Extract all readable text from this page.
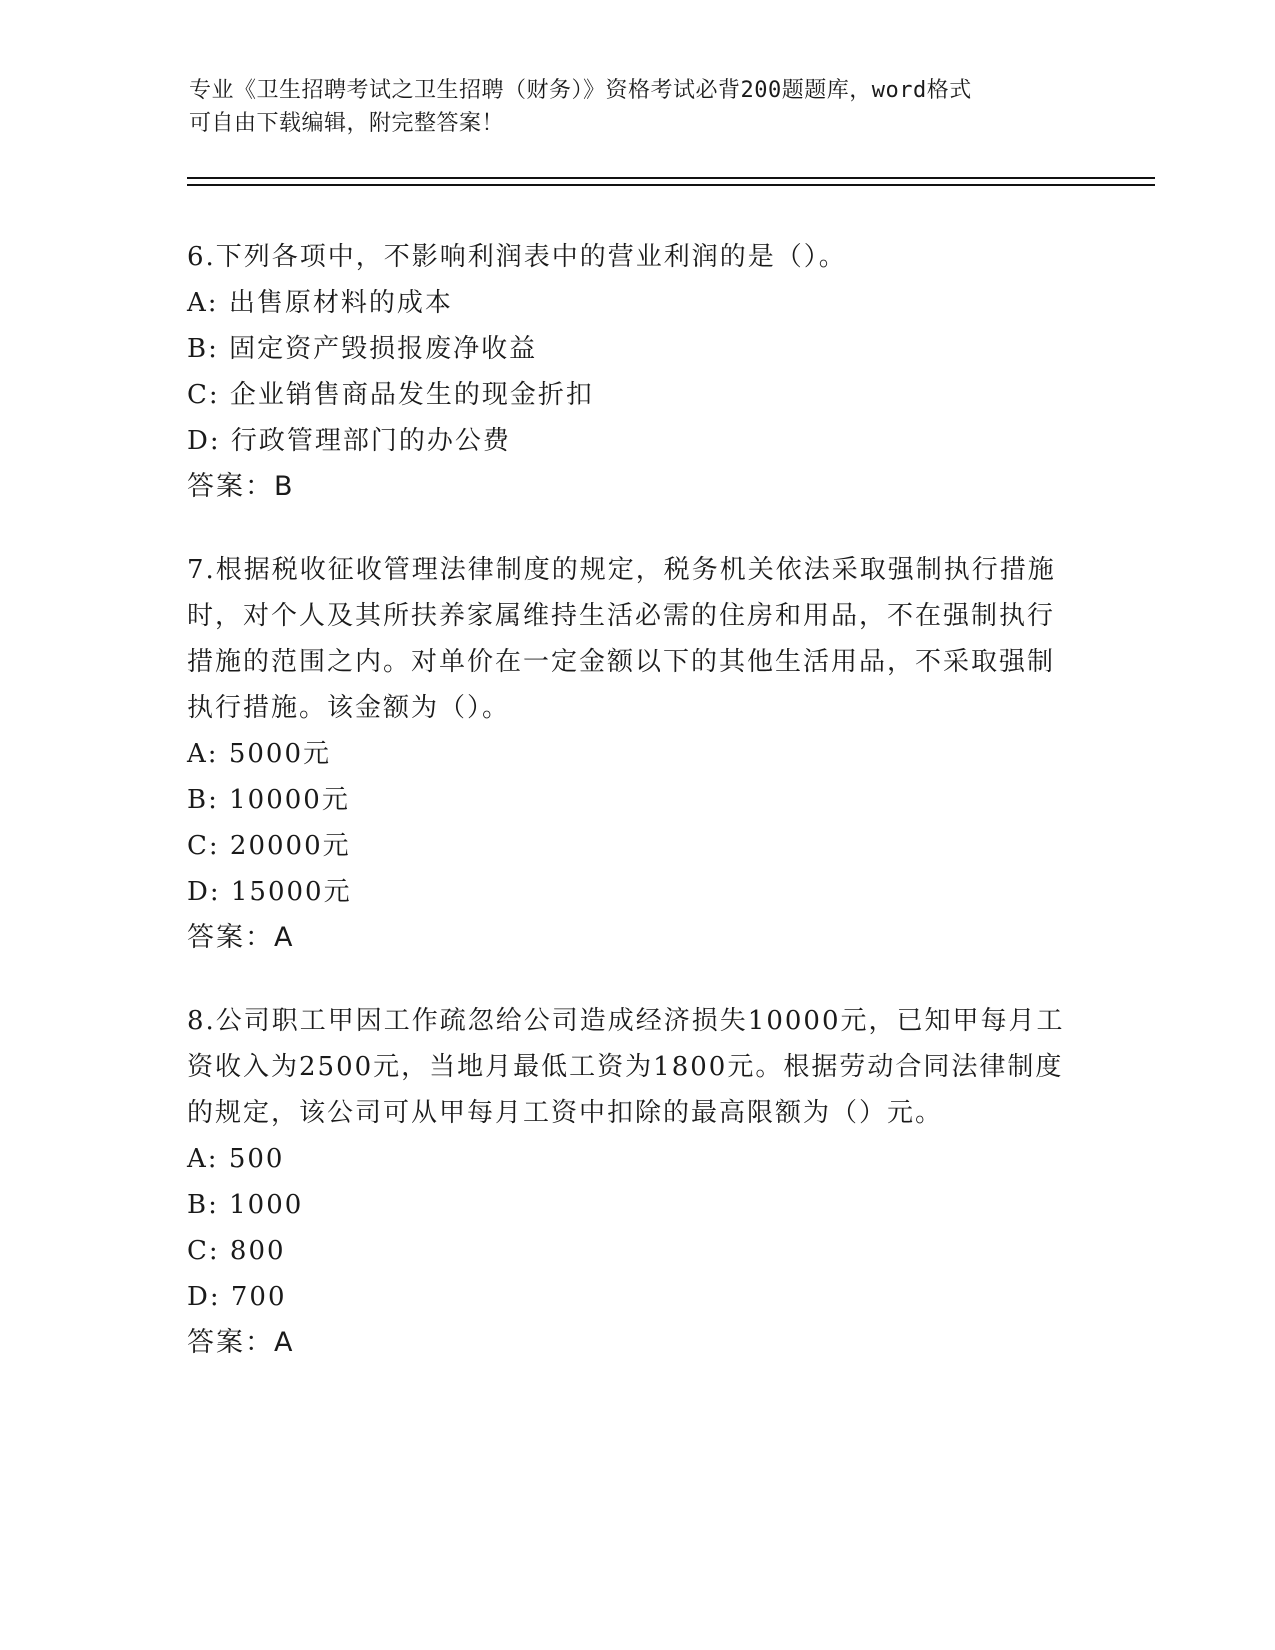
专业《卫生招聘考试之卫生招聘（财务）》资格考试必背200题题库，word格式
可自由下载编辑，附完整答案！

6.下列各项中，不影响利润表中的营业利润的是（）。

A: 出售原材料的成本

B: 固定资产毁损报废净收益

C: 企业销售商品发生的现金折扣

D: 行政管理部门的办公费

答案：B

7.根据税收征收管理法律制度的规定，税务机关依法采取强制执行措施时，对个人及其所扶养家属维持生活必需的住房和用品，不在强制执行措施的范围之内。对单价在一定金额以下的其他生活用品，不采取强制执行措施。该金额为（）。

A: 5000元

B: 10000元

C: 20000元

D: 15000元

答案：A

8.公司职工甲因工作疏忽给公司造成经济损失10000元，已知甲每月工资收入为2500元，当地月最低工资为1800元。根据劳动合同法律制度的规定，该公司可从甲每月工资中扣除的最高限额为（）元。

A: 500

B: 1000

C: 800

D: 700

答案：A
